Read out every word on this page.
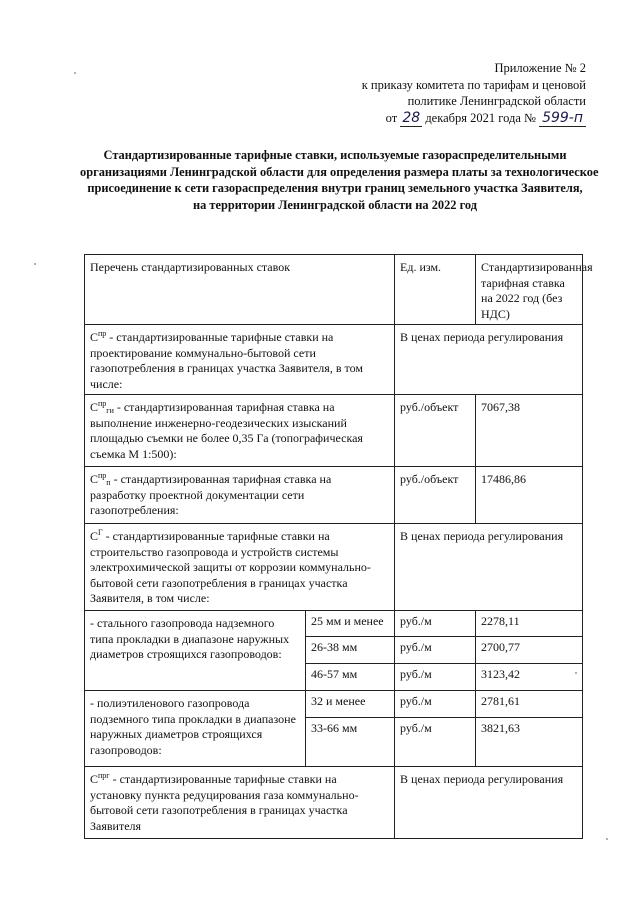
Приложение № 2
к приказу комитета по тарифам и ценовой
политике Ленинградской области
от 28 декабря 2021 года № 599-п
Стандартизированные тарифные ставки, используемые газораспределительными
организациями Ленинградской области для определения размера платы за технологическое
присоединение к сети газораспределения внутри границ земельного участка Заявителя,
на территории Ленинградской области на 2022 год
Перечень стандартизированных ставок		Ед. изм.	Стандартизированная тарифная ставка на 2022 год (без НДС)
$C^{пр}$ - стандартизированные тарифные ставки на проектирование коммунально-бытовой сети газопотребления в границах участка Заявителя, в том числе:		В ценах периода регулирования	
$C^{пр}_{ги}$ - стандартизированная тарифная ставка на выполнение инженерно-геодезических изысканий площадью съемки не более 0,35 Га (топографическая съемка М 1:500):		руб./объект	7067,38
$C^{пр}_п$ - стандартизированная тарифная ставка на разработку проектной документации сети газопотребления:		руб./объект	17486,86
$C^Г$ - стандартизированные тарифные ставки на строительство газопровода и устройств системы электрохимической защиты от коррозии коммунально-бытовой сети газопотребления в границах участка Заявителя, в том числе:		В ценах периода регулирования	
- стального газопровода надземного типа прокладки в диапазоне наружных диаметров строящихся газопроводов:	25 мм и менее	руб./м	2278,11
	26-38 мм	руб./м	2700,77
	46-57 мм	руб./м	3123,42
- полиэтиленового газопровода подземного типа прокладки в диапазоне наружных диаметров строящихся газопроводов:	32 и менее	руб./м	2781,61
	33-66 мм	руб./м	3821,63
$C^{прг}$ - стандартизированные тарифные ставки на установку пункта редуцирования газа коммунально-бытовой сети газопотребления в границах участка Заявителя		В ценах периода регулирования	
